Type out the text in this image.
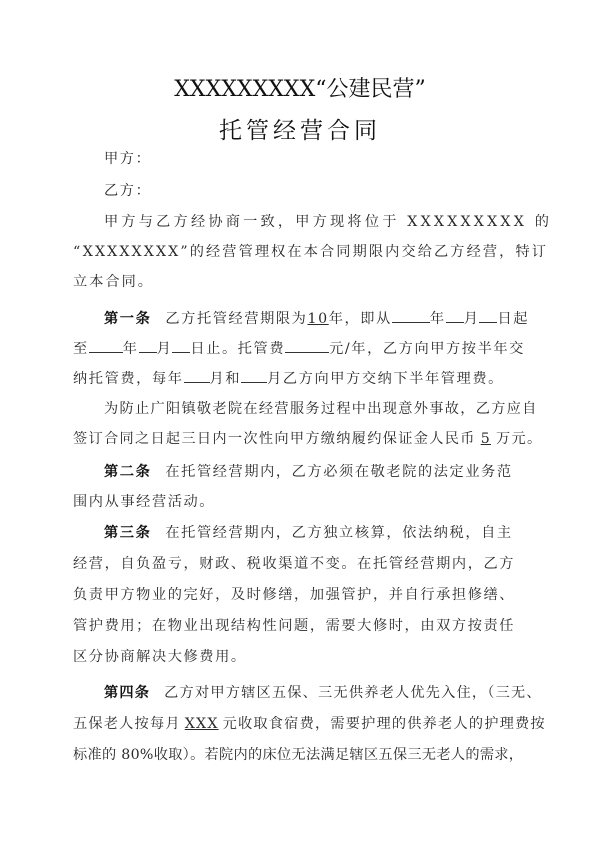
XXXXXXXXX“公建民营”
托管经营合同
甲方：
乙方：
甲方与乙方经协商一致，甲方现将位于 XXXXXXXXX 的
“XXXXXXXX”的经营管理权在本合同期限内交给乙方经营，特订
立本合同。
第一条 乙方托管经营期限为10年，即从	年 月 日起
至 年 月 日止。托管费	元/年，乙方向甲方按半年交
纳托管费，每年 月和 月乙方向甲方交纳下半年管理费。
为防止广阳镇敬老院在经营服务过程中出现意外事故，乙方应自
签订合同之日起三日内一次性向甲方缴纳履约保证金人民币 5 万元。
第二条 在托管经营期内，乙方必须在敬老院的法定业务范
围内从事经营活动。
第三条 在托管经营期内，乙方独立核算，依法纳税，自主
经营，自负盈亏，财政、税收渠道不变。在托管经营期内，乙方
负责甲方物业的完好，及时修缮，加强管护，并自行承担修缮、
管护费用；在物业出现结构性问题，需要大修时，由双方按责任
区分协商解决大修费用。
第四条 乙方对甲方辖区五保、三无供养老人优先入住，（三无、
五保老人按每月 XXX 元收取食宿费，需要护理的供养老人的护理费按
标准的 80%收取）。若院内的床位无法满足辖区五保三无老人的需求，
